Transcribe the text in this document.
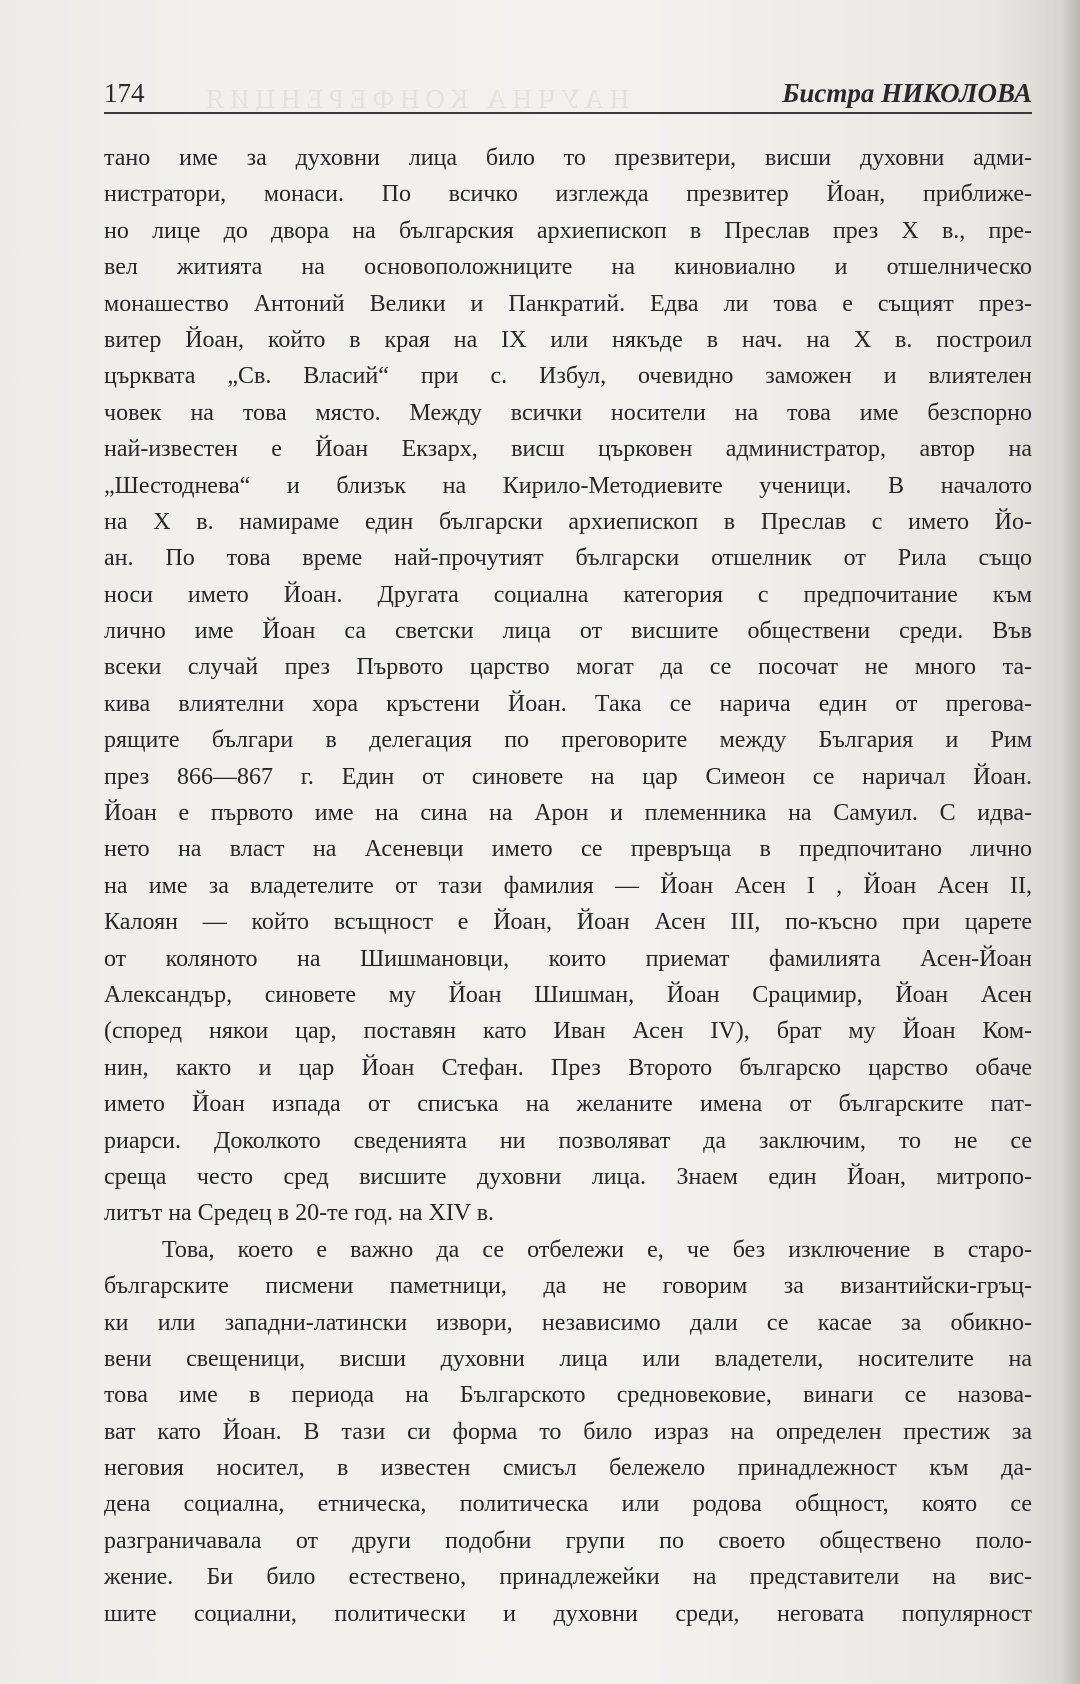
НАУЧНА КОНФЕРЕНЦИЯ
174	Бистра НИКОЛОВА
тано име за духовни лица било то презвитери, висши духовни адми-
нистратори, монаси. По всичко изглежда презвитер Йоан, приближе-
но лице до двора на българския архиепископ в Преслав през X в., пре-
вел житията на основоположниците на киновиално и отшелническо
монашество Антоний Велики и Панкратий. Едва ли това е същият през-
витер Йоан, който в края на IX или някъде в нач. на X в. построил
църквата „Св. Власий“ при с. Избул, очевидно заможен и влиятелен
човек на това място. Между всички носители на това име безспорно
най-известен е Йоан Екзарх, висш църковен администратор, автор на
„Шестоднева“ и близък на Кирило-Методиевите ученици. В началото
на X в. намираме един български архиепископ в Преслав с името Йо-
ан. По това време най-прочутият български отшелник от Рила също
носи името Йоан. Другата социална категория с предпочитание към
лично име Йоан са светски лица от висшите обществени среди. Във
всеки случай през Първото царство могат да се посочат не много та-
кива влиятелни хора кръстени Йоан. Така се нарича един от прегова-
рящите българи в делегация по преговорите между България и Рим
през 866—867 г. Един от синовете на цар Симеон се наричал Йоан.
Йоан е първото име на сина на Арон и племенника на Самуил. С идва-
нето на власт на Асеневци името се превръща в предпочитано лично
на име за владетелите от тази фамилия — Йоан Асен I , Йоан Асен II,
Калоян — който всъщност е Йоан, Йоан Асен III, по-късно при царете
от коляното на Шишмановци, които приемат фамилията Асен-Йоан
Александър, синовете му Йоан Шишман, Йоан Срацимир, Йоан Асен
(според някои цар, поставян като Иван Асен IV), брат му Йоан Ком-
нин, както и цар Йоан Стефан. През Второто българско царство обаче
името Йоан изпада от списъка на желаните имена от българските пат-
риарси. Доколкото сведенията ни позволяват да заключим, то не се
среща често сред висшите духовни лица. Знаем един Йоан, митропо-
литът на Средец в 20-те год. на XIV в.
Това, което е важно да се отбележи е, че без изключение в старо-
българските писмени паметници, да не говорим за византийски-гръц-
ки или западни-латински извори, независимо дали се касае за обикно-
вени свещеници, висши духовни лица или владетели, носителите на
това име в периода на Българското средновековие, винаги се назова-
ват като Йоан. В тази си форма то било израз на определен престиж за
неговия носител, в известен смисъл бележело принадлежност към да-
дена социална, етническа, политическа или родова общност, която се
разграничавала от други подобни групи по своето обществено поло-
жение. Би било естествено, принадлежейки на представители на вис-
шите социални, политически и духовни среди, неговата популярност
